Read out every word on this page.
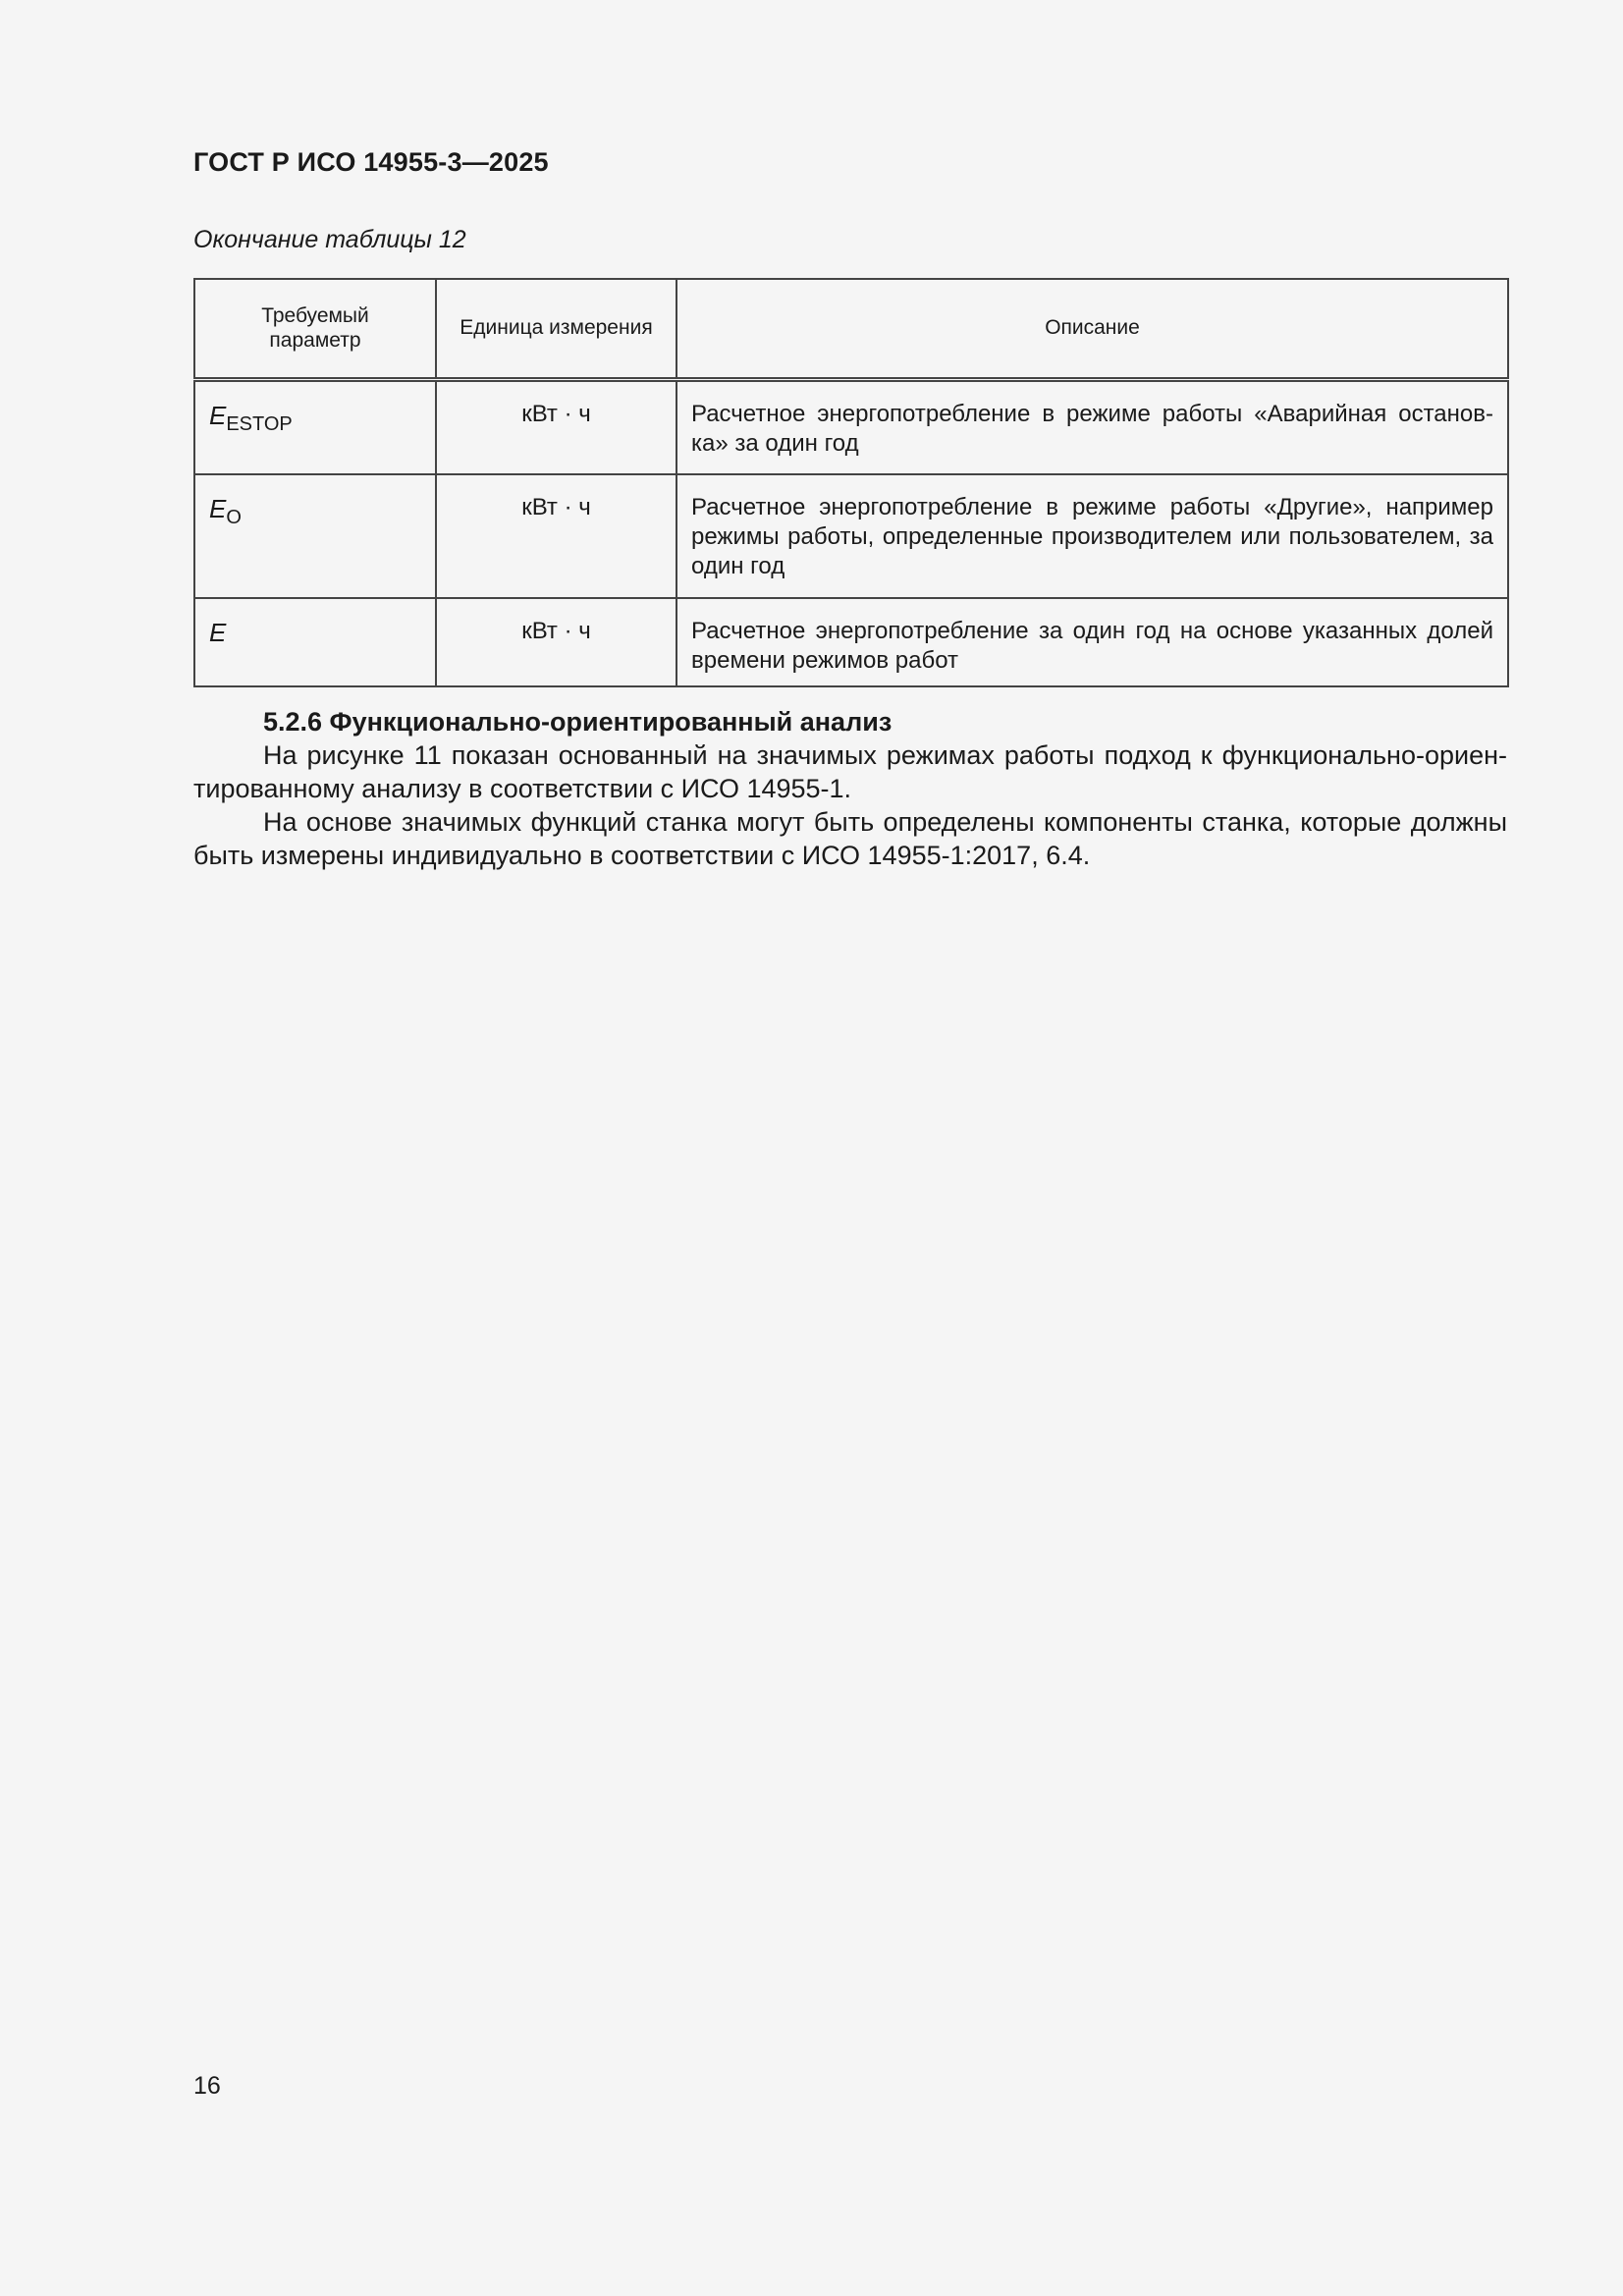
ГОСТ Р ИСО 14955-3—2025
Окончание таблицы 12
Требуемый параметр	Единица измерения	Описание
$E_{ESTOP}$	кВт · ч	Расчетное энергопотребление в режиме работы «Аварийная останов-ка» за один год
$E_O$	кВт · ч	Расчетное энергопотребление в режиме работы «Другие», например режимы работы, определенные производителем или пользователем, за один год
E	кВт · ч	Расчетное энергопотребление за один год на основе указанных долей времени режимов работ
5.2.6 Функционально-ориентированный анализ

На рисунке 11 показан основанный на значимых режимах работы подход к функционально-ориен-тированному анализу в соответствии с ИСО 14955-1.

На основе значимых функций станка могут быть определены компоненты станка, которые должны быть измерены индивидуально в соответствии с ИСО 14955-1:2017, 6.4.

16
